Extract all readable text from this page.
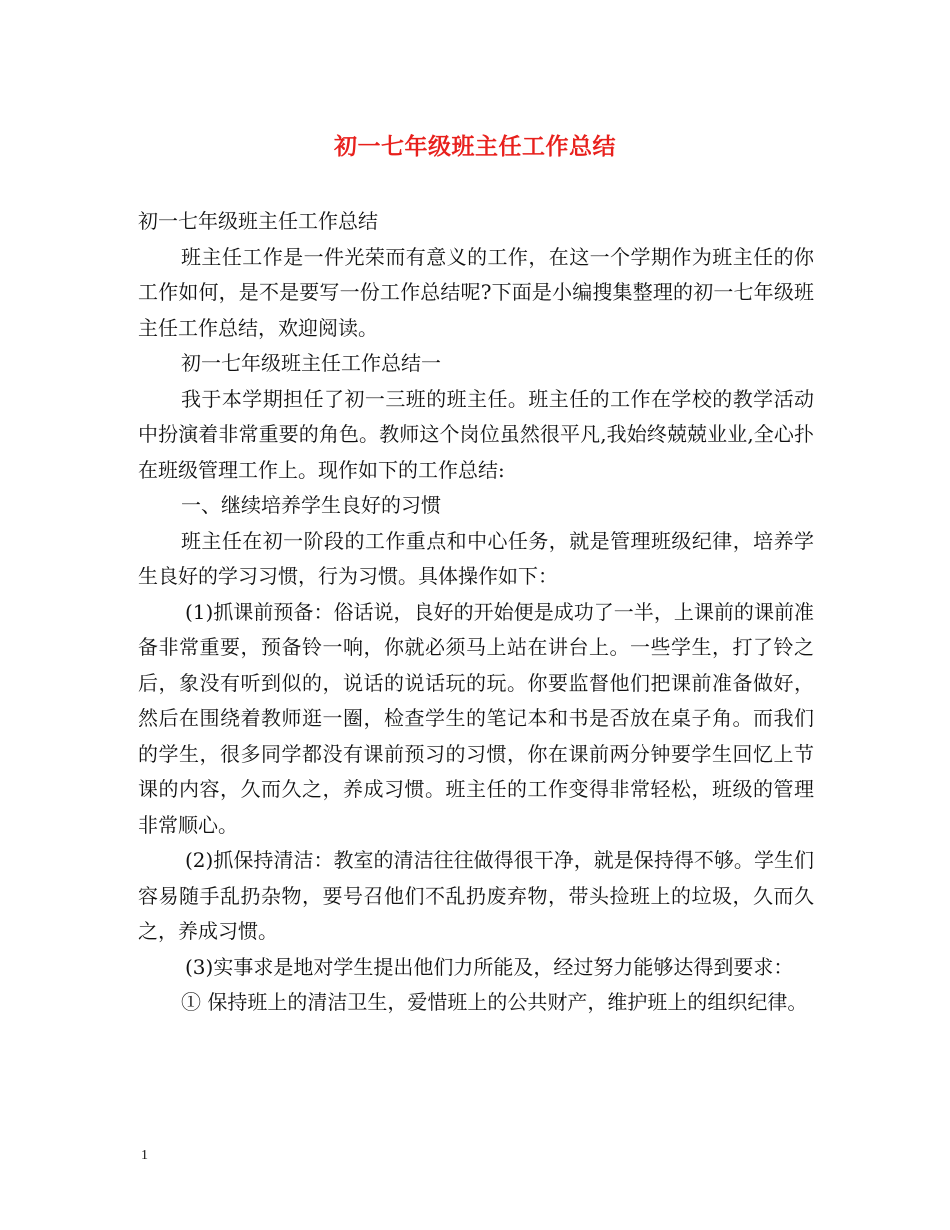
初一七年级班主任工作总结

初一七年级班主任工作总结

班主任工作是一件光荣而有意义的工作，在这一个学期作为班主任的你工作如何，是不是要写一份工作总结呢?下面是小编搜集整理的初一七年级班主任工作总结，欢迎阅读。

初一七年级班主任工作总结一

我于本学期担任了初一三班的班主任。班主任的工作在学校的教学活动中扮演着非常重要的角色。教师这个岗位虽然很平凡,我始终兢兢业业,全心扑在班级管理工作上。现作如下的工作总结:

一、继续培养学生良好的习惯

班主任在初一阶段的工作重点和中心任务，就是管理班级纪律，培养学生良好的学习习惯，行为习惯。具体操作如下：

(1)抓课前预备：俗话说，良好的开始便是成功了一半，上课前的课前准备非常重要，预备铃一响，你就必须马上站在讲台上。一些学生，打了铃之后，象没有听到似的，说话的说话玩的玩。你要监督他们把课前准备做好，然后在围绕着教师逛一圈，检查学生的笔记本和书是否放在桌子角。而我们的学生，很多同学都没有课前预习的习惯，你在课前两分钟要学生回忆上节课的内容，久而久之，养成习惯。班主任的工作变得非常轻松，班级的管理非常顺心。

(2)抓保持清洁：教室的清洁往往做得很干净，就是保持得不够。学生们容易随手乱扔杂物，要号召他们不乱扔废弃物，带头捡班上的垃圾，久而久之，养成习惯。

(3)实事求是地对学生提出他们力所能及，经过努力能够达得到要求：

① 保持班上的清洁卫生，爱惜班上的公共财产，维护班上的组织纪律。

1
